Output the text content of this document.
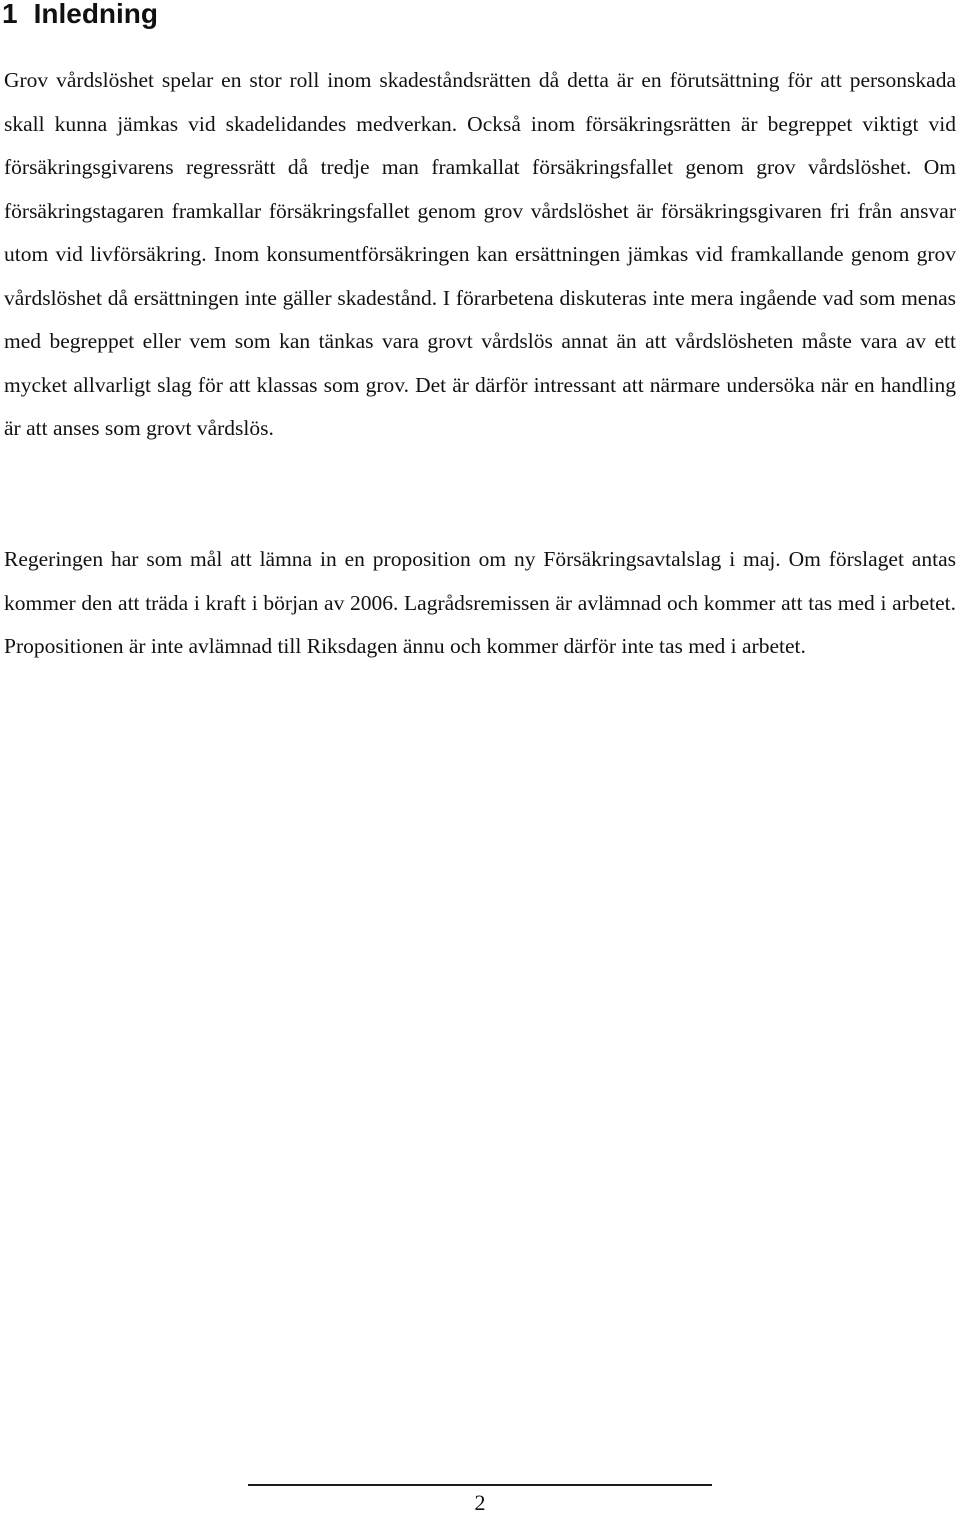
1 Inledning

Grov vårdslöshet spelar en stor roll inom skadeståndsrätten då detta är en förutsättning för att personskada skall kunna jämkas vid skadelidandes medverkan. Också inom försäkringsrätten är begreppet viktigt vid försäkringsgivarens regressrätt då tredje man framkallat försäkringsfallet genom grov vårdslöshet. Om försäkringstagaren framkallar försäkringsfallet genom grov vårdslöshet är försäkringsgivaren fri från ansvar utom vid livförsäkring. Inom konsumentförsäkringen kan ersättningen jämkas vid framkallande genom grov vårdslöshet då ersättningen inte gäller skadestånd. I förarbetena diskuteras inte mera ingående vad som menas med begreppet eller vem som kan tänkas vara grovt vårdslös annat än att vårdslösheten måste vara av ett mycket allvarligt slag för att klassas som grov. Det är därför intressant att närmare undersöka när en handling är att anses som grovt vårdslös.

Regeringen har som mål att lämna in en proposition om ny Försäkringsavtalslag i maj. Om förslaget antas kommer den att träda i kraft i början av 2006. Lagrådsremissen är avlämnad och kommer att tas med i arbetet. Propositionen är inte avlämnad till Riksdagen ännu och kommer därför inte tas med i arbetet.

2
